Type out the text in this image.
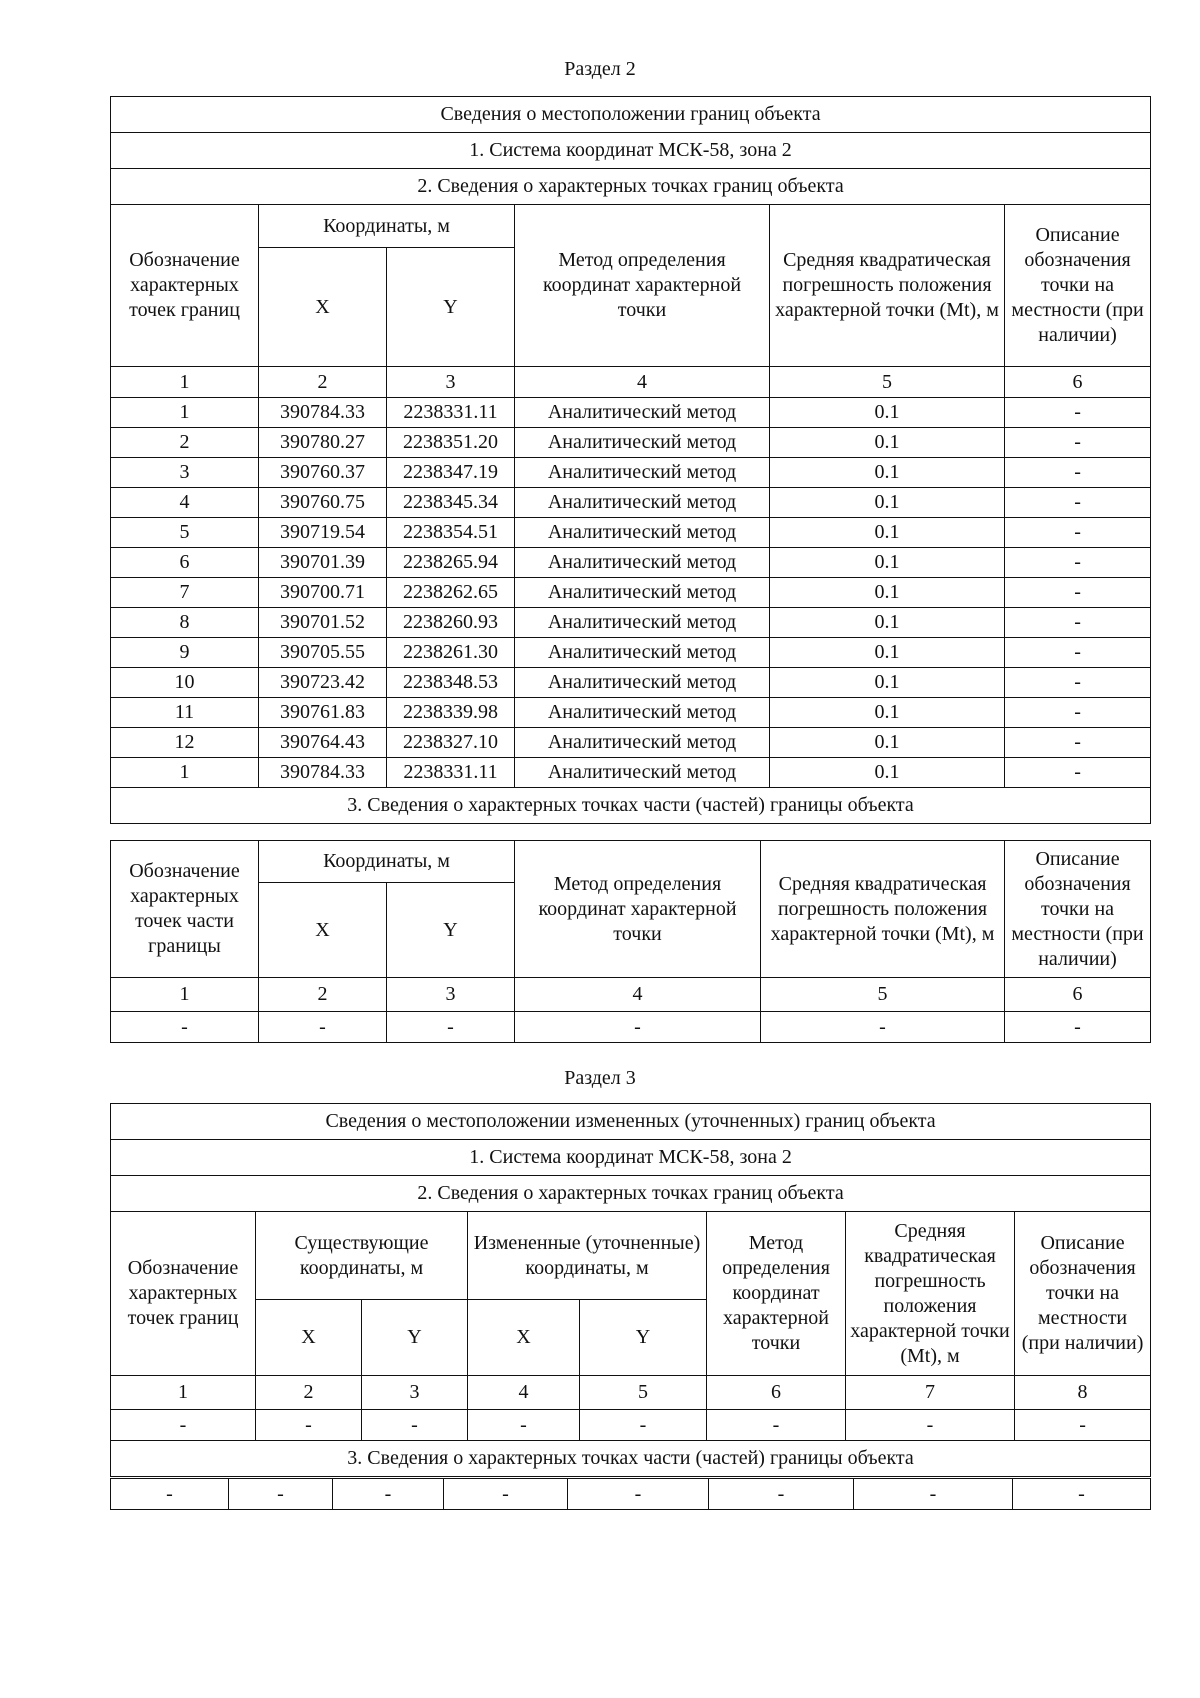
Раздел 2
Сведения о местоположении границ объекта					
1. Система координат МСК-58, зона 2					
2. Сведения о характерных точках границ объекта					
Обозначение характерных точек границ	Координаты, м		Метод определения координат характерной точки	Средняя квадратическая погрешность положения характерной точки (Mt), м	Описание обозначения точки на местности (при наличии)
	X	Y			
1	2	3	4	5	6
1	390784.33	2238331.11	Аналитический метод	0.1	-
2	390780.27	2238351.20	Аналитический метод	0.1	-
3	390760.37	2238347.19	Аналитический метод	0.1	-
4	390760.75	2238345.34	Аналитический метод	0.1	-
5	390719.54	2238354.51	Аналитический метод	0.1	-
6	390701.39	2238265.94	Аналитический метод	0.1	-
7	390700.71	2238262.65	Аналитический метод	0.1	-
8	390701.52	2238260.93	Аналитический метод	0.1	-
9	390705.55	2238261.30	Аналитический метод	0.1	-
10	390723.42	2238348.53	Аналитический метод	0.1	-
11	390761.83	2238339.98	Аналитический метод	0.1	-
12	390764.43	2238327.10	Аналитический метод	0.1	-
1	390784.33	2238331.11	Аналитический метод	0.1	-
3. Сведения о характерных точках части (частей) границы объекта					
Обозначение характерных точек части границы	Координаты, м		Метод определения координат характерной точки	Средняя квадратическая погрешность положения характерной точки (Mt), м	Описание обозначения точки на местности (при наличии)
	X	Y			
1	2	3	4	5	6
-	-	-	-	-	-
Раздел 3
Сведения о местоположении измененных (уточненных) границ объекта							
1. Система координат МСК-58, зона 2							
2. Сведения о характерных точках границ объекта							
Обозначение характерных точек границ	Существующие координаты, м		Измененные (уточненные) координаты, м		Метод определения координат характерной точки	Средняя квадратическая погрешность положения характерной точки (Mt), м	Описание обозначения точки на местности (при наличии)
	X	Y	X	Y			
1	2	3	4	5	6	7	8
-	-	-	-	-	-	-	-
3. Сведения о характерных точках части (частей) границы объекта							
-	-	-	-	-	-	-	-
